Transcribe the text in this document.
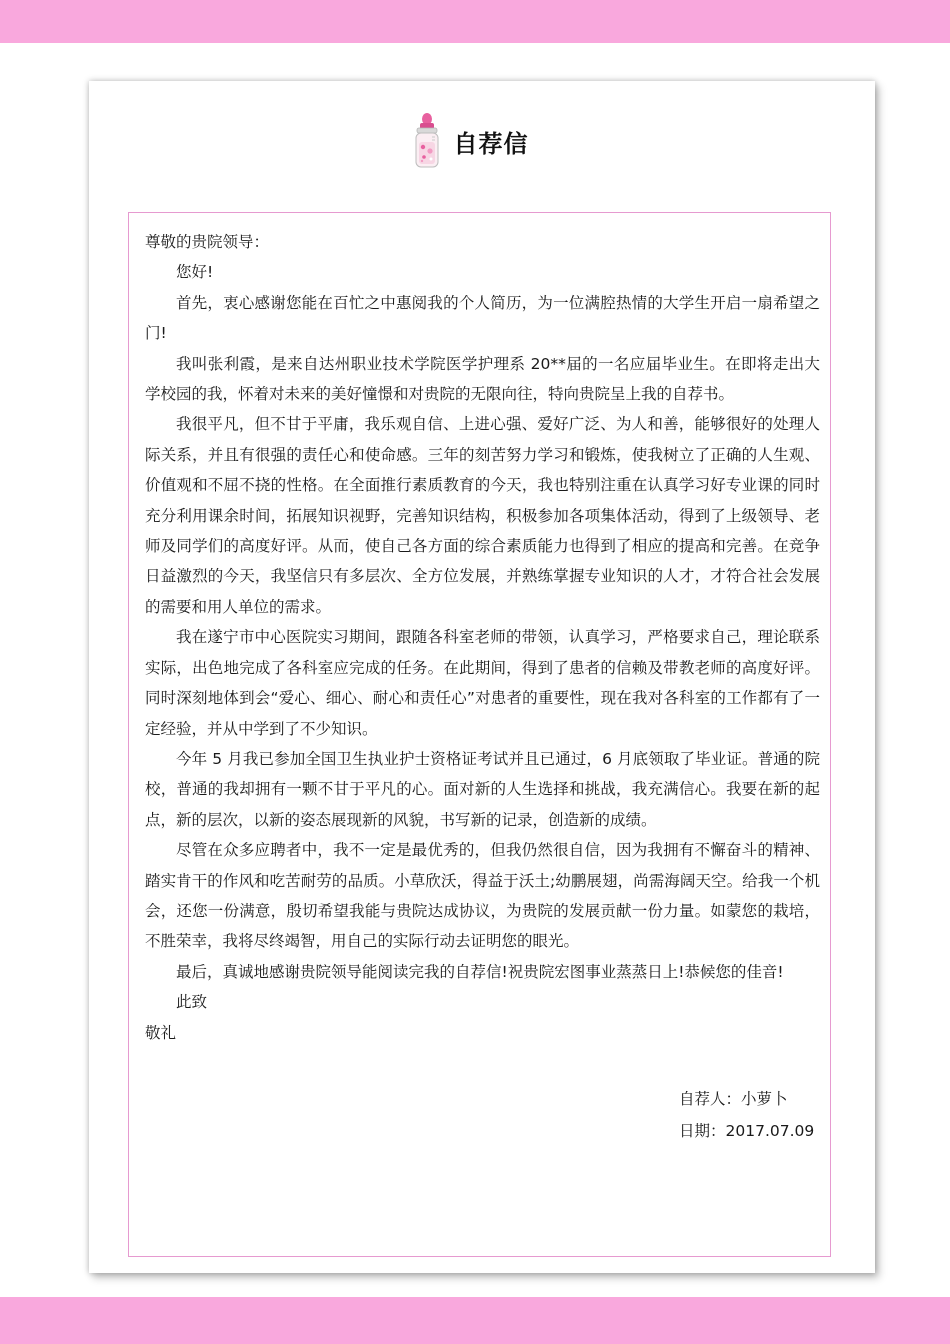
自荐信

尊敬的贵院领导：

您好!

首先，衷心感谢您能在百忙之中惠阅我的个人简历，为一位满腔热情的大学生开启一扇希望之门!

我叫张利霞，是来自达州职业技术学院医学护理系 20**届的一名应届毕业生。在即将走出大学校园的我，怀着对未来的美好憧憬和对贵院的无限向往，特向贵院呈上我的自荐书。

我很平凡，但不甘于平庸，我乐观自信、上进心强、爱好广泛、为人和善，能够很好的处理人际关系，并且有很强的责任心和使命感。三年的刻苦努力学习和锻炼，使我树立了正确的人生观、价值观和不屈不挠的性格。在全面推行素质教育的今天，我也特别注重在认真学习好专业课的同时充分利用课余时间，拓展知识视野，完善知识结构，积极参加各项集体活动，得到了上级领导、老师及同学们的高度好评。从而，使自己各方面的综合素质能力也得到了相应的提高和完善。在竞争日益激烈的今天，我坚信只有多层次、全方位发展，并熟练掌握专业知识的人才，才符合社会发展的需要和用人单位的需求。

我在遂宁市中心医院实习期间，跟随各科室老师的带领，认真学习，严格要求自己，理论联系实际，出色地完成了各科室应完成的任务。在此期间，得到了患者的信赖及带教老师的高度好评。同时深刻地体到会“爱心、细心、耐心和责任心”对患者的重要性，现在我对各科室的工作都有了一定经验，并从中学到了不少知识。

今年 5 月我已参加全国卫生执业护士资格证考试并且已通过，6 月底领取了毕业证。普通的院校，普通的我却拥有一颗不甘于平凡的心。面对新的人生选择和挑战，我充满信心。我要在新的起点，新的层次，以新的姿态展现新的风貌，书写新的记录，创造新的成绩。

尽管在众多应聘者中，我不一定是最优秀的，但我仍然很自信，因为我拥有不懈奋斗的精神、踏实肯干的作风和吃苦耐劳的品质。小草欣沃，得益于沃土;幼鹏展翅，尚需海阔天空。给我一个机会，还您一份满意，殷切希望我能与贵院达成协议，为贵院的发展贡献一份力量。如蒙您的栽培，不胜荣幸，我将尽终竭智，用自己的实际行动去证明您的眼光。

最后，真诚地感谢贵院领导能阅读完我的自荐信!祝贵院宏图事业蒸蒸日上!恭候您的佳音!

此致

敬礼

自荐人：小萝卜
日期：2017.07.09
